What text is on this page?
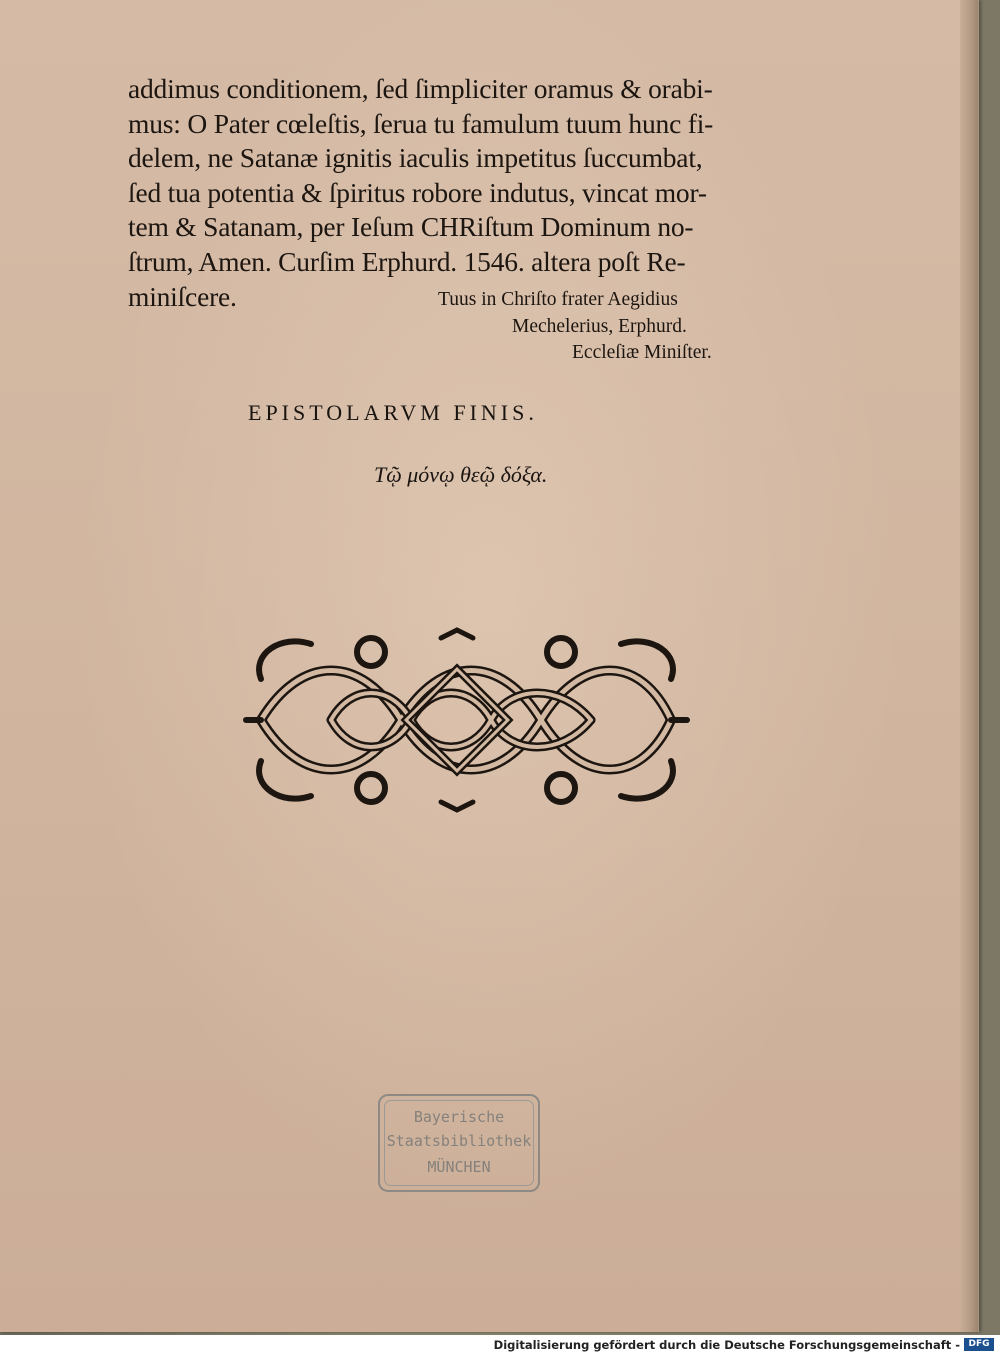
addimus conditionem, ſed ſimpliciter oramus & orabi-
mus: O Pater cœleſtis, ſerua tu famulum tuum hunc fi-
delem, ne Satanæ ignitis iaculis impetitus ſuccumbat,
ſed tua potentia & ſpiritus robore indutus, vincat mor-
tem & Satanam, per Ieſum CHRiſtum Dominum no-
ſtrum, Amen. Curſim Erphurd. 1546. altera poſt Re-
miniſcere.	Tuus in Chriſto frater Aegidius
Mechelerius, Erphurd.
Eccleſiæ Miniſter.
EPISTOLARVM FINIS.
Τῷ μόνῳ θεῷ δόξα.
Bayerische
Staatsbibliothek
MÜNCHEN
Digitalisierung gefördert durch die Deutsche Forschungsgemeinschaft - DFG
